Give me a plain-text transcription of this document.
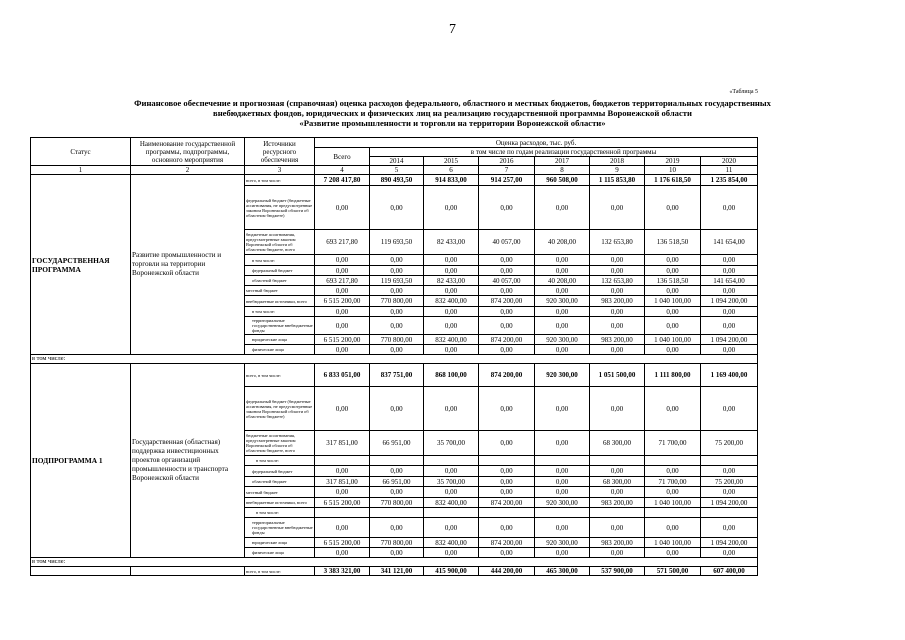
7
«Таблица 5
Финансовое обеспечение и прогнозная (справочная) оценка расходов федерального, областного и местных бюджетов, бюджетов территориальных государственных
внебюджетных фондов, юридических и физических лиц на реализацию государственной программы Воронежской области
«Развитие промышленности и торговли на территории Воронежской области»
Статус	Наименование государственной программы, подпрограммы, основного мероприятия	Источники ресурсного обеспечения	Оценка расходов, тыс. руб.							
			Всего	в том числе по годам реализации государственной программы						
				2014	2015	2016	2017	2018	2019	2020
1	2	3	4	5	6	7	8	9	10	11
ГОСУДАРСТВЕННАЯ ПРОГРАММА	Развитие промышленности и торговли на территории Воронежской области	всего, в том числе:	7 208 417,80	890 493,50	914 833,00	914 257,00	960 508,00	1 115 853,80	1 176 618,50	1 235 854,00
		федеральный бюджет (бюджетные ассигнования, не предусмотренные законом Воронежской области об областном бюджете)	0,00	0,00	0,00	0,00	0,00	0,00	0,00	0,00
		бюджетные ассигнования, предусмотренные законом Воронежской области об областном бюджете, всего	693 217,80	119 693,50	82 433,00	40 057,00	40 208,00	132 653,80	136 518,50	141 654,00
		в том числе:	0,00	0,00	0,00	0,00	0,00	0,00	0,00	0,00
		федеральный бюджет	0,00	0,00	0,00	0,00	0,00	0,00	0,00	0,00
		областной бюджет	693 217,80	119 693,50	82 433,00	40 057,00	40 208,00	132 653,80	136 518,50	141 654,00
		местный бюджет	0,00	0,00	0,00	0,00	0,00	0,00	0,00	0,00
		внебюджетные источники, всего	6 515 200,00	770 800,00	832 400,00	874 200,00	920 300,00	983 200,00	1 040 100,00	1 094 200,00
		в том числе:	0,00	0,00	0,00	0,00	0,00	0,00	0,00	0,00
		территориальные государственные внебюджетные фонды	0,00	0,00	0,00	0,00	0,00	0,00	0,00	0,00
		юридические лица	6 515 200,00	770 800,00	832 400,00	874 200,00	920 300,00	983 200,00	1 040 100,00	1 094 200,00
		физические лица	0,00	0,00	0,00	0,00	0,00	0,00	0,00	0,00
в том числе:										
ПОДПРОГРАММА 1	Государственная (областная) поддержка инвестиционных проектов организаций промышленности и транспорта Воронежской области	всего, в том числе:	6 833 051,00	837 751,00	868 100,00	874 200,00	920 300,00	1 051 500,00	1 111 800,00	1 169 400,00
		федеральный бюджет (бюджетные ассигнования, не предусмотренные законом Воронежской области об областном бюджете)	0,00	0,00	0,00	0,00	0,00	0,00	0,00	0,00
		бюджетные ассигнования, предусмотренные законом Воронежской области об областном бюджете, всего	317 851,00	66 951,00	35 700,00	0,00	0,00	68 300,00	71 700,00	75 200,00
		в том числе:								
		федеральный бюджет	0,00	0,00	0,00	0,00	0,00	0,00	0,00	0,00
		областной бюджет	317 851,00	66 951,00	35 700,00	0,00	0,00	68 300,00	71 700,00	75 200,00
		местный бюджет	0,00	0,00	0,00	0,00	0,00	0,00	0,00	0,00
		внебюджетные источники, всего	6 515 200,00	770 800,00	832 400,00	874 200,00	920 300,00	983 200,00	1 040 100,00	1 094 200,00
		в том числе:								
		территориальные государственные внебюджетные фонды	0,00	0,00	0,00	0,00	0,00	0,00	0,00	0,00
		юридические лица	6 515 200,00	770 800,00	832 400,00	874 200,00	920 300,00	983 200,00	1 040 100,00	1 094 200,00
		физические лица	0,00	0,00	0,00	0,00	0,00	0,00	0,00	0,00
в том числе:										
		всего, в том числе:	3 383 321,00	341 121,00	415 900,00	444 200,00	465 300,00	537 900,00	571 500,00	607 400,00
